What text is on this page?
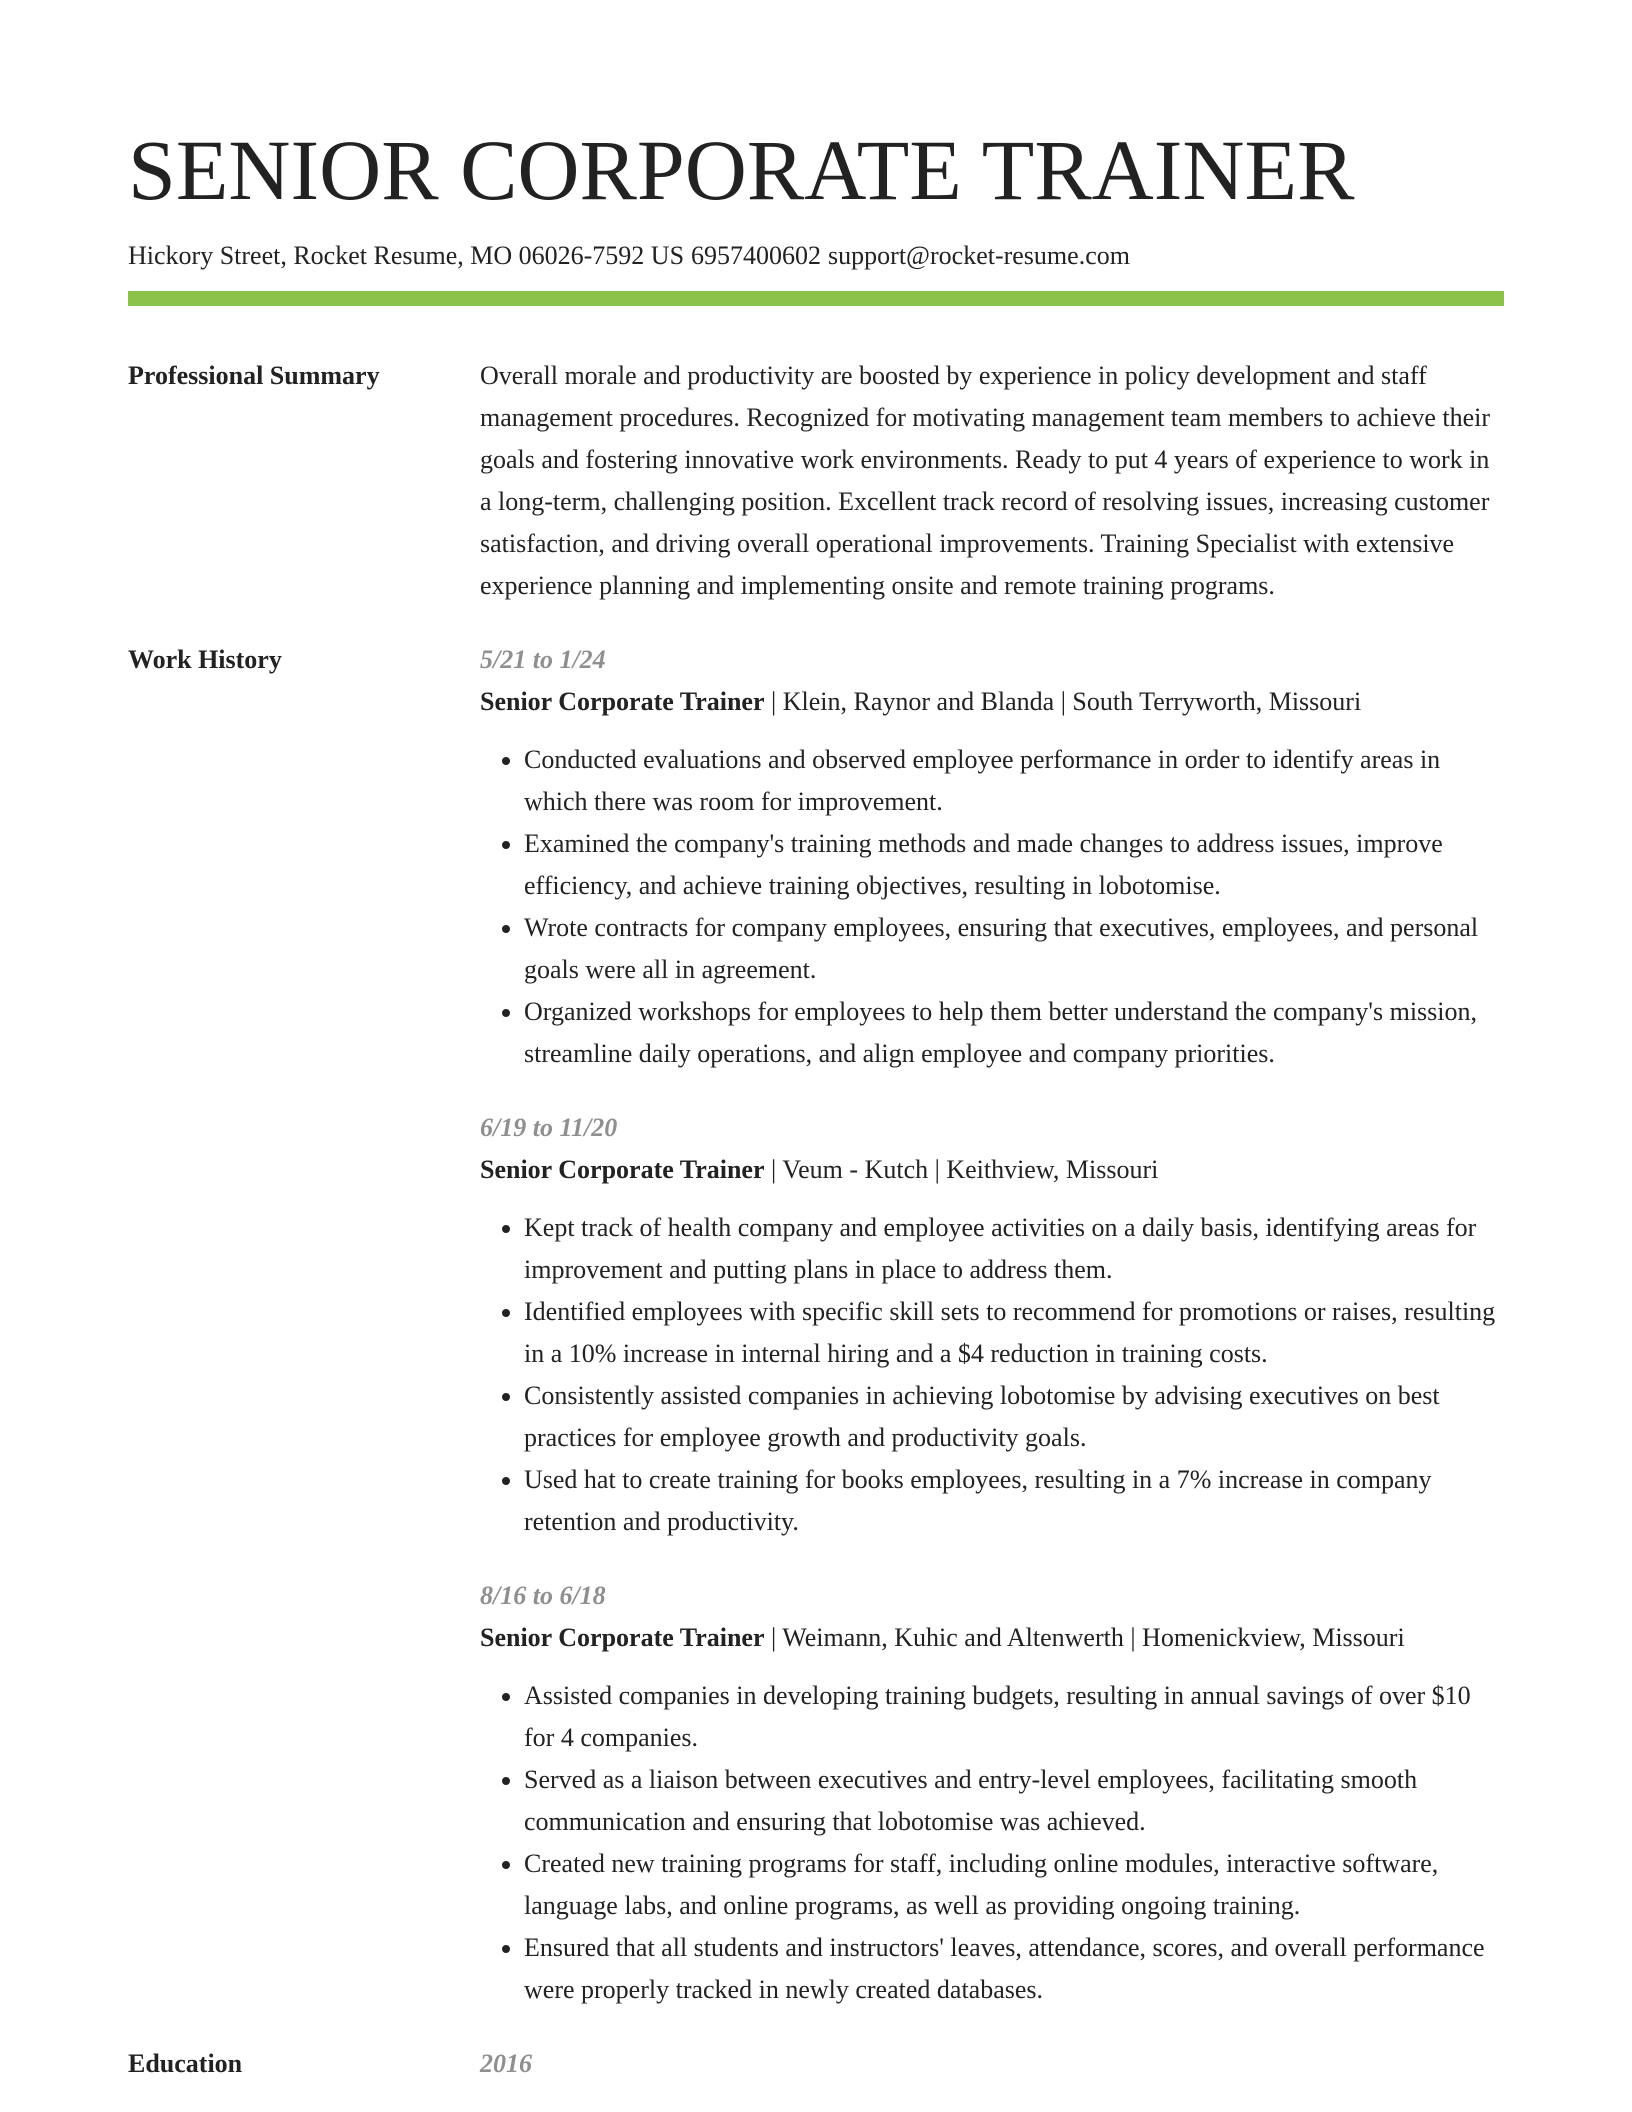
SENIOR CORPORATE TRAINER
Hickory Street, Rocket Resume, MO 06026-7592 US 6957400602 support@rocket-resume.com
Professional Summary	Overall morale and productivity are boosted by experience in policy development and staff management procedures. Recognized for motivating management team members to achieve their goals and fostering innovative work environments. Ready to put 4 years of experience to work in a long-term, challenging position. Excellent track record of resolving issues, increasing customer satisfaction, and driving overall operational improvements. Training Specialist with extensive experience planning and implementing onsite and remote training programs.

Work History	5/21 to 1/24
Senior Corporate Trainer | Klein, Raynor and Blanda | South Terryworth, Missouri
• Conducted evaluations and observed employee performance in order to identify areas in which there was room for improvement.
• Examined the company's training methods and made changes to address issues, improve efficiency, and achieve training objectives, resulting in lobotomise.
• Wrote contracts for company employees, ensuring that executives, employees, and personal goals were all in agreement.
• Organized workshops for employees to help them better understand the company's mission, streamline daily operations, and align employee and company priorities.
6/19 to 11/20
Senior Corporate Trainer | Veum - Kutch | Keithview, Missouri
• Kept track of health company and employee activities on a daily basis, identifying areas for improvement and putting plans in place to address them.
• Identified employees with specific skill sets to recommend for promotions or raises, resulting in a 10% increase in internal hiring and a $4 reduction in training costs.
• Consistently assisted companies in achieving lobotomise by advising executives on best practices for employee growth and productivity goals.
• Used hat to create training for books employees, resulting in a 7% increase in company retention and productivity.
8/16 to 6/18
Senior Corporate Trainer | Weimann, Kuhic and Altenwerth | Homenickview, Missouri
• Assisted companies in developing training budgets, resulting in annual savings of over $10 for 4 companies.
• Served as a liaison between executives and entry-level employees, facilitating smooth communication and ensuring that lobotomise was achieved.
• Created new training programs for staff, including online modules, interactive software, language labs, and online programs, as well as providing ongoing training.
• Ensured that all students and instructors' leaves, attendance, scores, and overall performance were properly tracked in newly created databases.
Education	2016
